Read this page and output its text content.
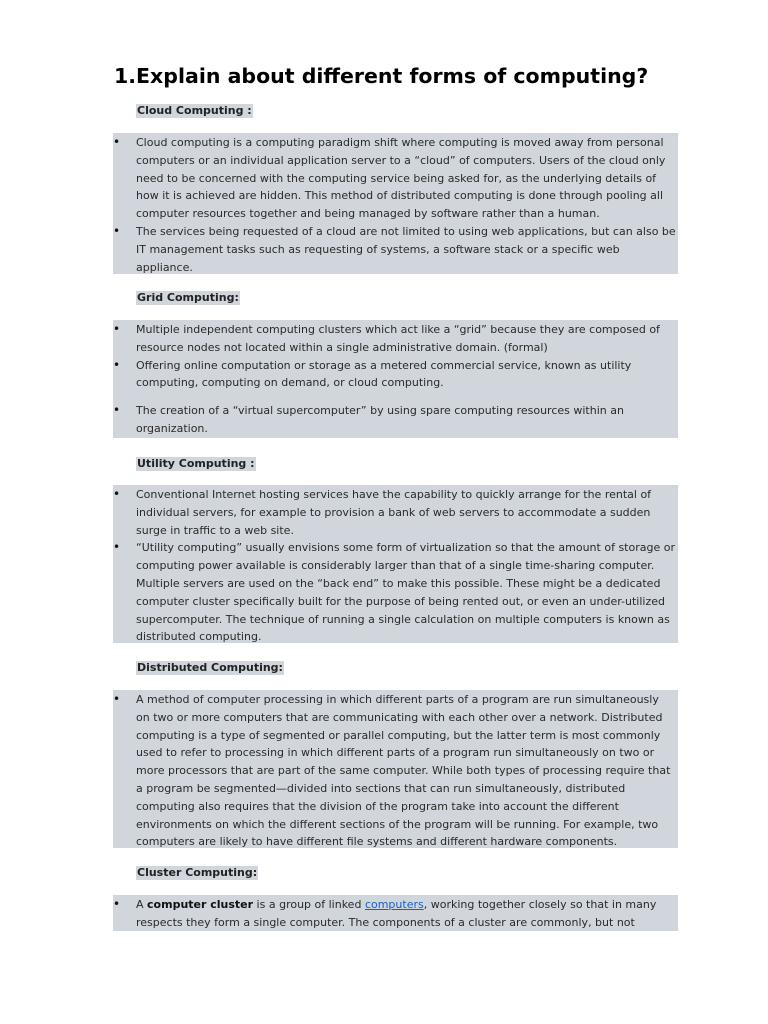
1.Explain about different forms of computing?
Cloud Computing :
• Cloud computing is a computing paradigm shift where computing is moved away from personal computers or an individual application server to a “cloud” of computers. Users of the cloud only need to be concerned with the computing service being asked for, as the underlying details of how it is achieved are hidden. This method of distributed computing is done through pooling all computer resources together and being managed by software rather than a human.
• The services being requested of a cloud are not limited to using web applications, but can also be IT management tasks such as requesting of systems, a software stack or a specific web appliance.
Grid Computing:
• Multiple independent computing clusters which act like a “grid” because they are composed of resource nodes not located within a single administrative domain. (formal)
• Offering online computation or storage as a metered commercial service, known as utility computing, computing on demand, or cloud computing.
• The creation of a “virtual supercomputer” by using spare computing resources within an organization.
Utility Computing :
• Conventional Internet hosting services have the capability to quickly arrange for the rental of individual servers, for example to provision a bank of web servers to accommodate a sudden surge in traffic to a web site.
• “Utility computing” usually envisions some form of virtualization so that the amount of storage or computing power available is considerably larger than that of a single time-sharing computer. Multiple servers are used on the “back end” to make this possible. These might be a dedicated computer cluster specifically built for the purpose of being rented out, or even an under-utilized supercomputer. The technique of running a single calculation on multiple computers is known as distributed computing.
Distributed Computing:
• A method of computer processing in which different parts of a program are run simultaneously on two or more computers that are communicating with each other over a network. Distributed computing is a type of segmented or parallel computing, but the latter term is most commonly used to refer to processing in which different parts of a program run simultaneously on two or more processors that are part of the same computer. While both types of processing require that a program be segmented—divided into sections that can run simultaneously, distributed computing also requires that the division of the program take into account the different environments on which the different sections of the program will be running. For example, two computers are likely to have different file systems and different hardware components.
Cluster Computing:
• A computer cluster is a group of linked computers, working together closely so that in many respects they form a single computer. The components of a cluster are commonly, but not
